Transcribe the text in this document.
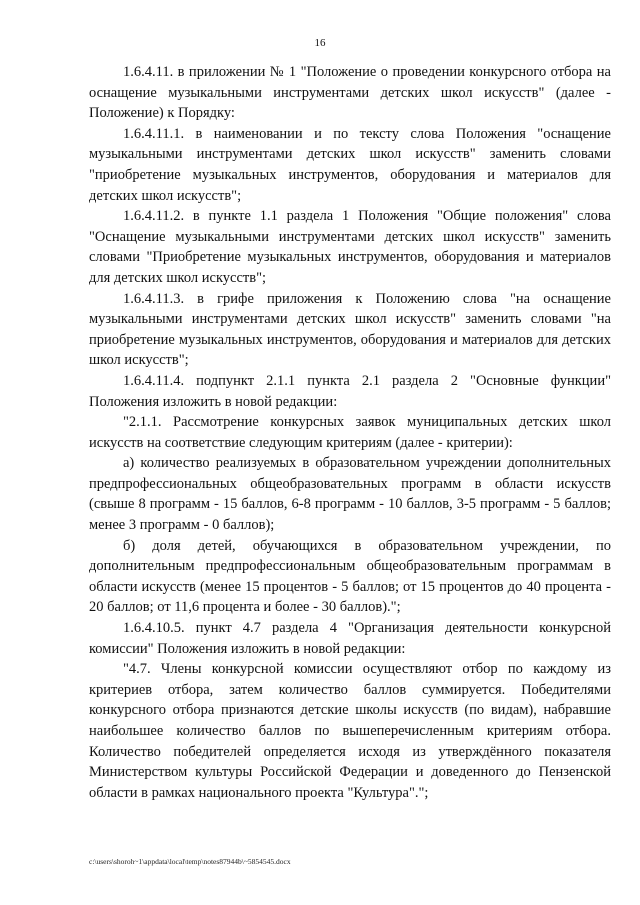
16

1.6.4.11. в приложении № 1 "Положение о проведении конкурсного отбора на оснащение музыкальными инструментами детских школ искусств" (далее - Положение) к Порядку:

1.6.4.11.1. в наименовании и по тексту слова Положения "оснащение музыкальными инструментами детских школ искусств" заменить словами "приобретение музыкальных инструментов, оборудования и материалов для детских школ искусств";

1.6.4.11.2. в пункте 1.1 раздела 1 Положения "Общие положения" слова "Оснащение музыкальными инструментами детских школ искусств" заменить словами "Приобретение музыкальных инструментов, оборудования и материалов для детских школ искусств";

1.6.4.11.3. в грифе приложения к Положению слова "на оснащение музыкальными инструментами детских школ искусств" заменить словами "на приобретение музыкальных инструментов, оборудования и материалов для детских школ искусств";

1.6.4.11.4. подпункт 2.1.1 пункта 2.1 раздела 2 "Основные функции" Положения изложить в новой редакции:

"2.1.1. Рассмотрение конкурсных заявок муниципальных детских школ искусств на соответствие следующим критериям (далее - критерии):

а) количество реализуемых в образовательном учреждении дополнительных предпрофессиональных общеобразовательных программ в области искусств (свыше 8 программ - 15 баллов, 6-8 программ - 10 баллов, 3-5 программ - 5 баллов; менее 3 программ - 0 баллов);

б) доля детей, обучающихся в образовательном учреждении, по дополнительным предпрофессиональным общеобразовательным программам в области искусств (менее 15 процентов - 5 баллов; от 15 процентов до 40 процента - 20 баллов; от 11,6 процента и более - 30 баллов).";

1.6.4.10.5. пункт 4.7 раздела 4 "Организация деятельности конкурсной комиссии" Положения изложить в новой редакции:

"4.7. Члены конкурсной комиссии осуществляют отбор по каждому из критериев отбора, затем количество баллов суммируется. Победителями конкурсного отбора признаются детские школы искусств (по видам), набравшие наибольшее количество баллов по вышеперечисленным критериям отбора. Количество победителей определяется исходя из утверждённого показателя Министерством культуры Российской Федерации и доведенного до Пензенской области в рамках национального проекта "Культура".";

c:\users\shoroh~1\appdata\local\temp\notes87944b\~5854545.docx
